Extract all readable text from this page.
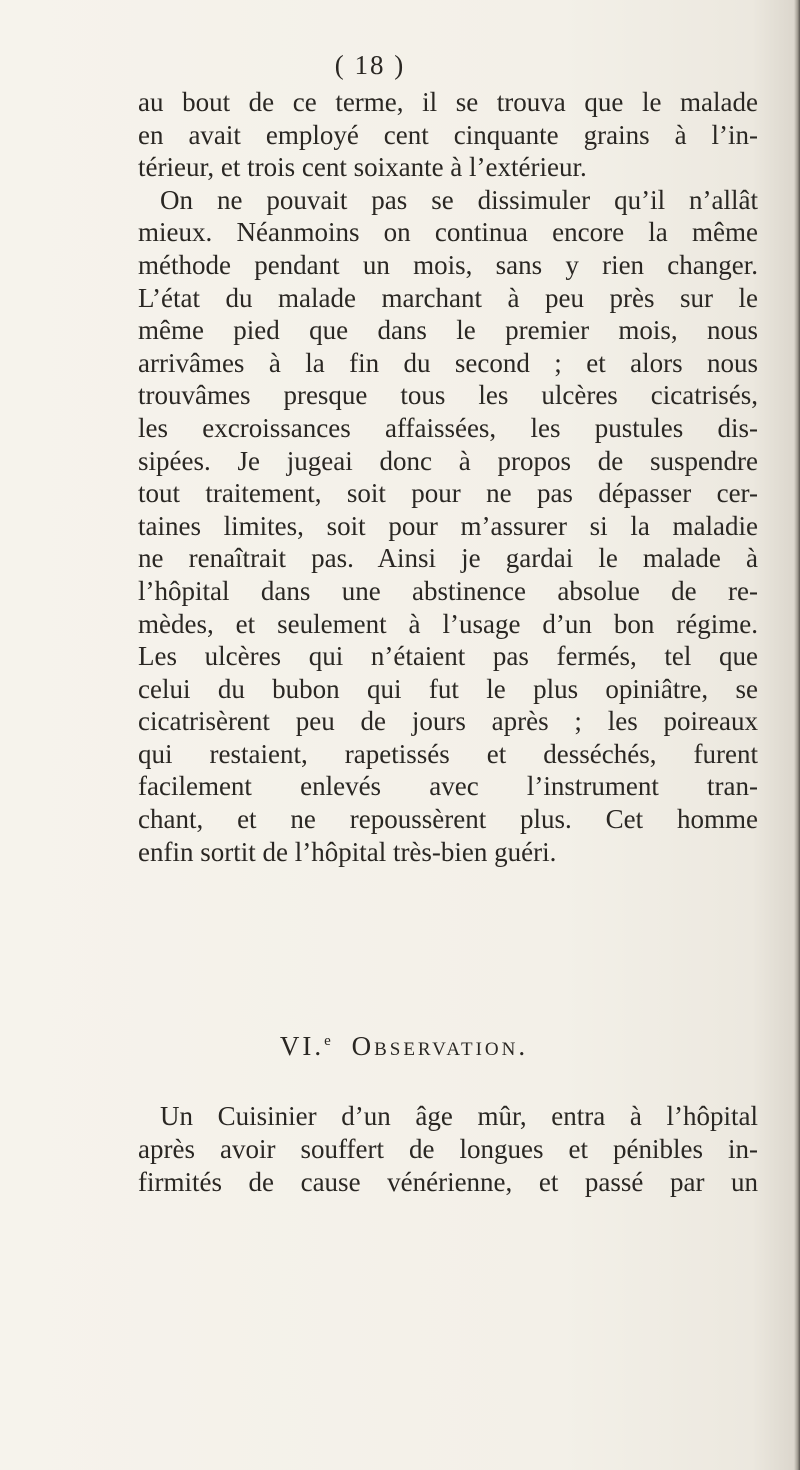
( 18 )
au bout de ce terme, il se trouva que le malade
en avait employé cent cinquante grains à l’in-
térieur, et trois cent soixante à l’extérieur.
On ne pouvait pas se dissimuler qu’il n’allât
mieux. Néanmoins on continua encore la même
méthode pendant un mois, sans y rien changer.
L’état du malade marchant à peu près sur le
même pied que dans le premier mois, nous
arrivâmes à la fin du second ; et alors nous
trouvâmes presque tous les ulcères cicatrisés,
les excroissances affaissées, les pustules dis-
sipées. Je jugeai donc à propos de suspendre
tout traitement, soit pour ne pas dépasser cer-
taines limites, soit pour m’assurer si la maladie
ne renaîtrait pas. Ainsi je gardai le malade à
l’hôpital dans une abstinence absolue de re-
mèdes, et seulement à l’usage d’un bon régime.
Les ulcères qui n’étaient pas fermés, tel que
celui du bubon qui fut le plus opiniâtre, se
cicatrisèrent peu de jours après ; les poireaux
qui restaient, rapetissés et desséchés, furent
facilement enlevés avec l’instrument tran-
chant, et ne repoussèrent plus. Cet homme
enfin sortit de l’hôpital très-bien guéri.
VI.$^e$ Observation.
Un Cuisinier d’un âge mûr, entra à l’hôpital
après avoir souffert de longues et pénibles in-
firmités de cause vénérienne, et passé par un
